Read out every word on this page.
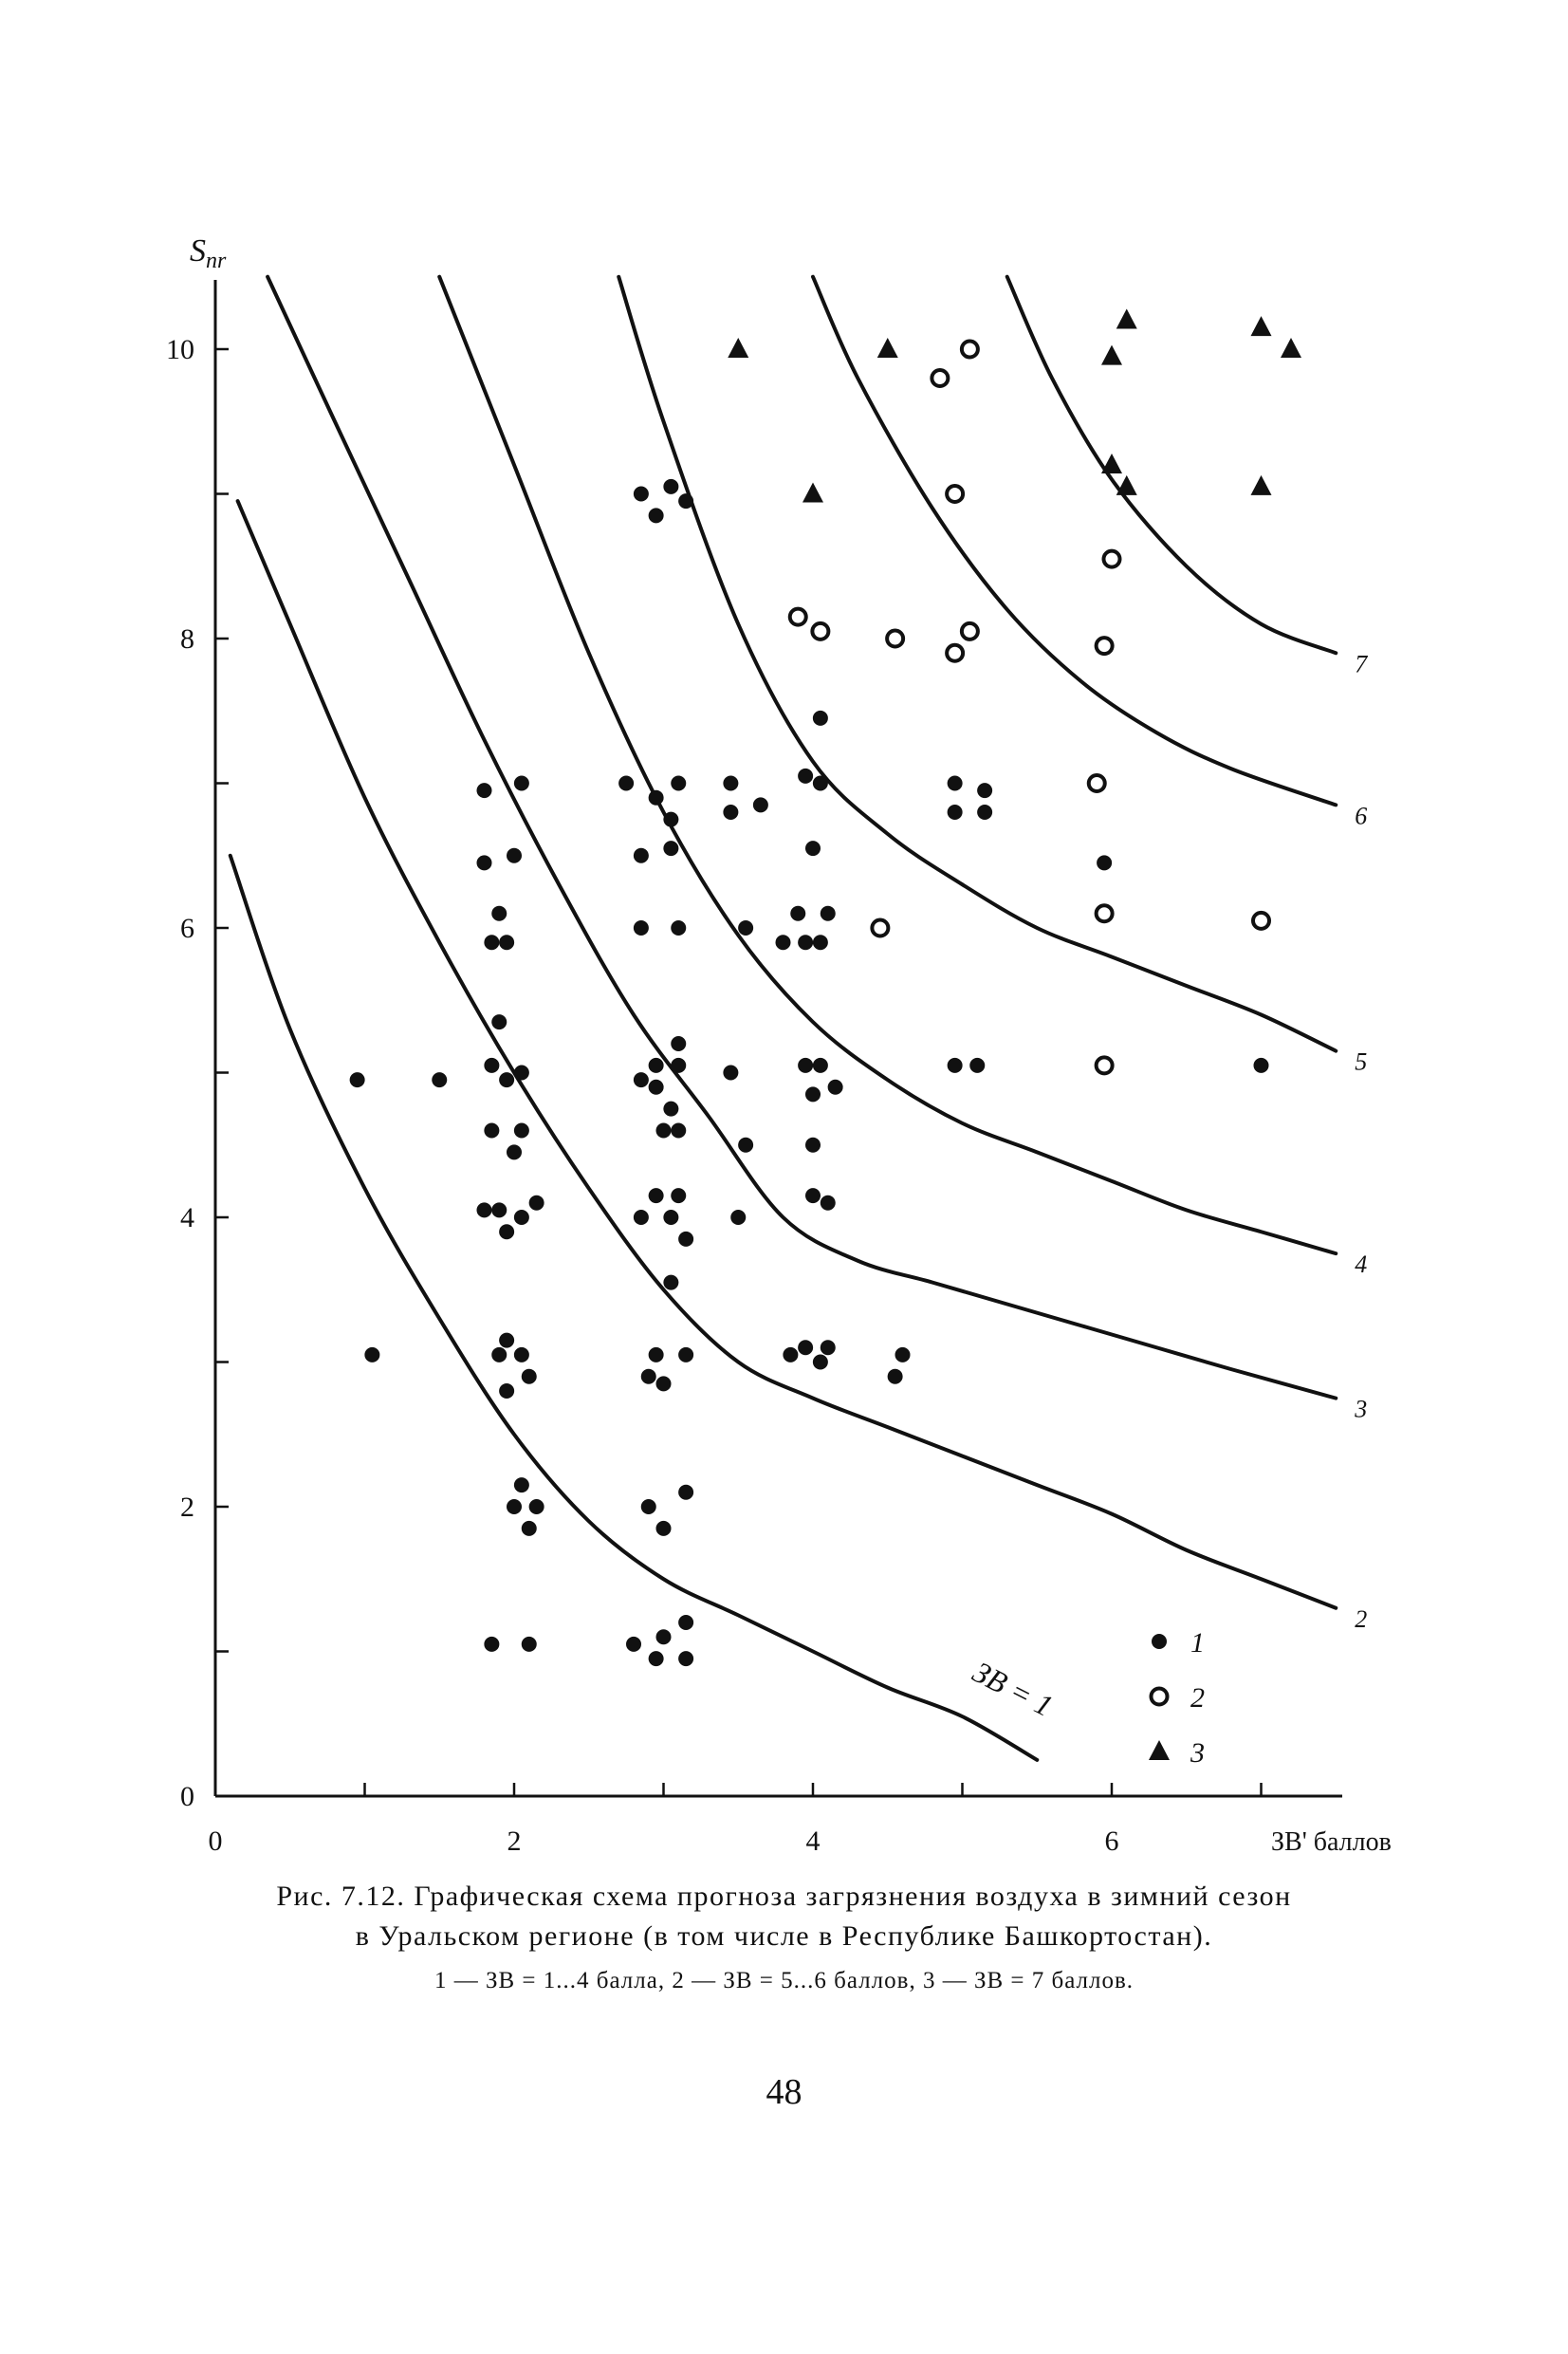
0
2
4
6
8
10
0	2	4	6
2
3
4
5
6
7
$S_{nr}$
ЗВ' баллов
ЗВ = 1
1
2
3
Рис. 7.12. Графическая схема прогноза загрязнения воздуха в зимний сезон
в Уральском регионе (в том числе в Республике Башкортостан).
1 — ЗВ = 1...4 балла, 2 — ЗВ = 5...6 баллов, 3 — ЗВ = 7 баллов.
48
